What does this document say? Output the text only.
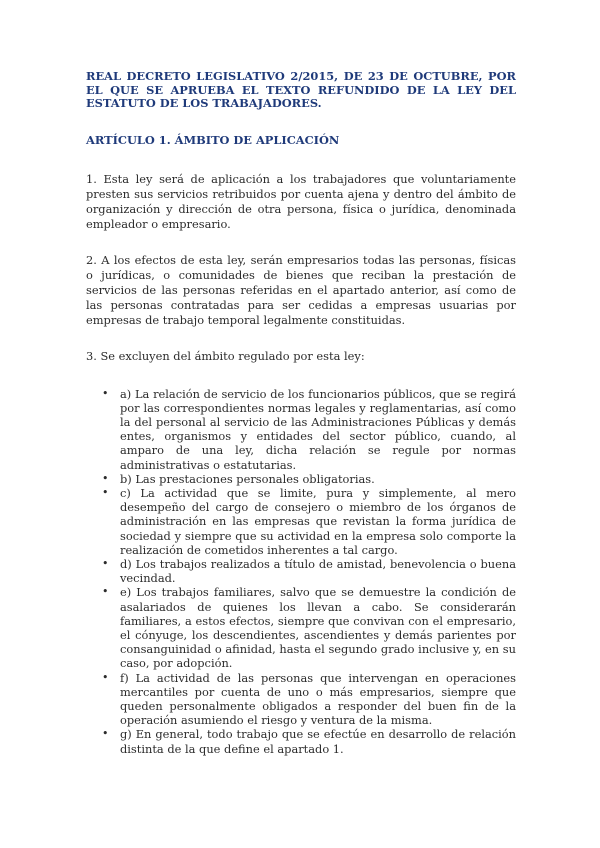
REAL DECRETO LEGISLATIVO 2/2015, DE 23 DE OCTUBRE, POR EL QUE SE APRUEBA EL TEXTO REFUNDIDO DE LA LEY DEL ESTATUTO DE LOS TRABAJADORES.

ARTÍCULO 1. ÁMBITO DE APLICACIÓN

1. Esta ley será de aplicación a los trabajadores que voluntariamente presten sus servicios retribuidos por cuenta ajena y dentro del ámbito de organización y dirección de otra persona, física o jurídica, denominada empleador o empresario.

2. A los efectos de esta ley, serán empresarios todas las personas, físicas o jurídicas, o comunidades de bienes que reciban la prestación de servicios de las personas referidas en el apartado anterior, así como de las personas contratadas para ser cedidas a empresas usuarias por empresas de trabajo temporal legalmente constituidas.

3. Se excluyen del ámbito regulado por esta ley:

• a) La relación de servicio de los funcionarios públicos, que se regirá por las correspondientes normas legales y reglamentarias, así como la del personal al servicio de las Administraciones Públicas y demás entes, organismos y entidades del sector público, cuando, al amparo de una ley, dicha relación se regule por normas administrativas o estatutarias.
• b) Las prestaciones personales obligatorias.
• c) La actividad que se limite, pura y simplemente, al mero desempeño del cargo de consejero o miembro de los órganos de administración en las empresas que revistan la forma jurídica de sociedad y siempre que su actividad en la empresa solo comporte la realización de cometidos inherentes a tal cargo.
• d) Los trabajos realizados a título de amistad, benevolencia o buena vecindad.
• e) Los trabajos familiares, salvo que se demuestre la condición de asalariados de quienes los llevan a cabo. Se considerarán familiares, a estos efectos, siempre que convivan con el empresario, el cónyuge, los descendientes, ascendientes y demás parientes por consanguinidad o afinidad, hasta el segundo grado inclusive y, en su caso, por adopción.
• f) La actividad de las personas que intervengan en operaciones mercantiles por cuenta de uno o más empresarios, siempre que queden personalmente obligados a responder del buen fin de la operación asumiendo el riesgo y ventura de la misma.
• g) En general, todo trabajo que se efectúe en desarrollo de relación distinta de la que define el apartado 1.
